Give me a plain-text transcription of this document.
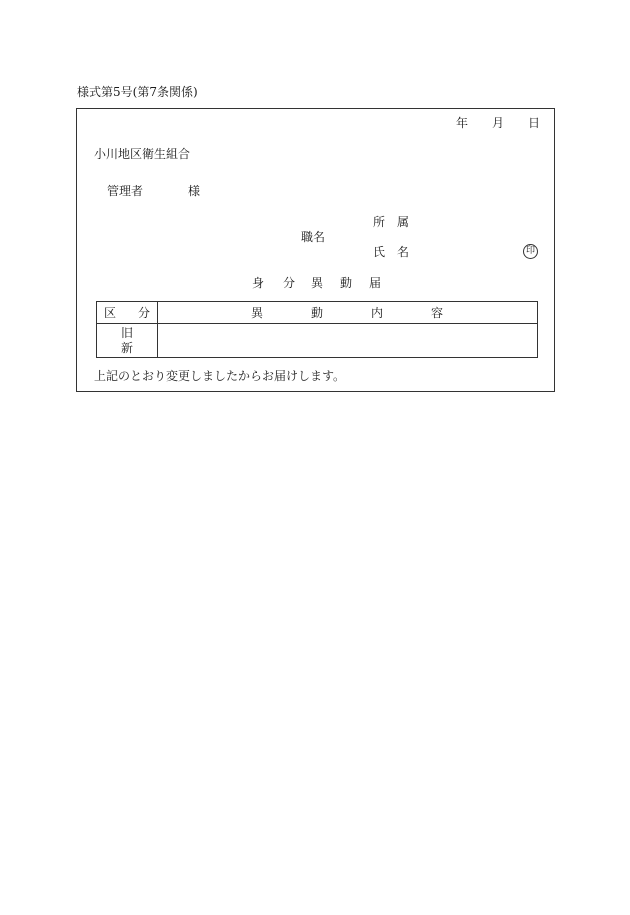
様式第5号(第7条関係)
年 月 日
小川地区衛生組合
管理者	様
所 属
職名
氏 名	印
身 分 異 動 届
区 分	異 動 内 容

旧
新	

上記のとおり変更しましたからお届けします。
